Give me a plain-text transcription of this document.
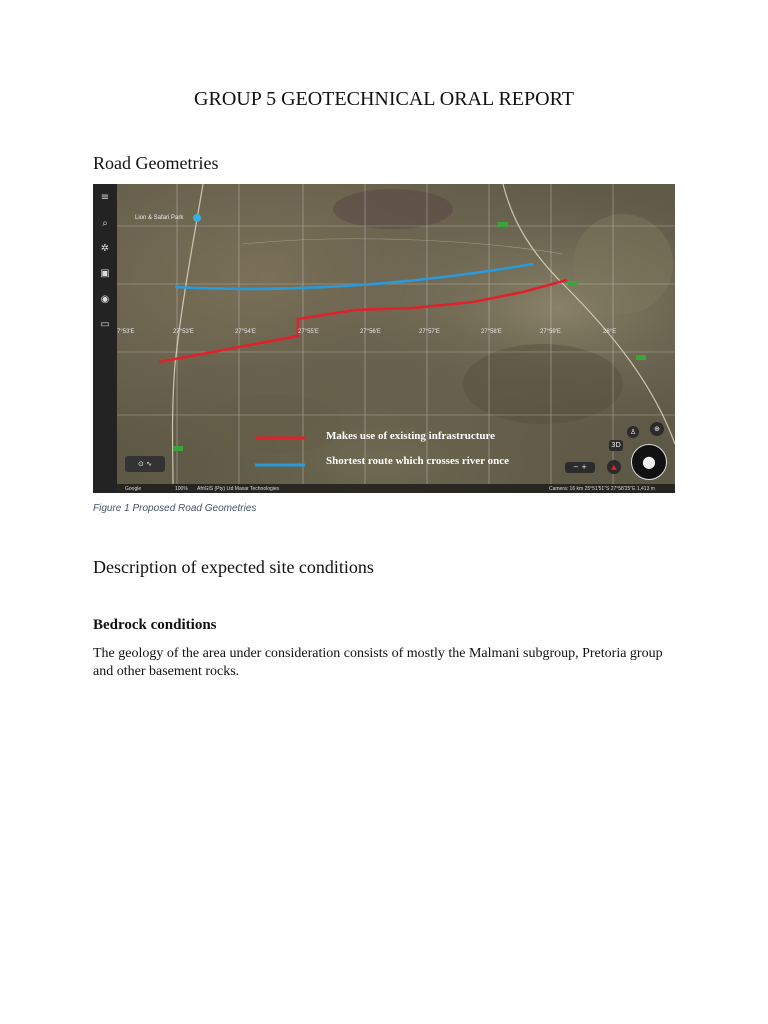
GROUP 5 GEOTECHNICAL ORAL REPORT
Road Geometries
≡
⌕
✲
▣
◉
▭
Lion & Safari Park
7°53'E	27°53'E	27°54'E	27°55'E	27°56'E	27°57'E	27°58'E	27°59'E	28°E
Makes use of existing infrastructure
Shortest route which crosses river once
⊕
♙
3D
▲	●
− +
⊙ ∿
Google	100% AfriGIS (Pty) Ltd Maxar Technologies	Camera: 16 km 25°51'51"S 27°58'25"E 1,413 m
Figure 1 Proposed Road Geometries
Description of expected site conditions
Bedrock conditions
The geology of the area under consideration consists of mostly the Malmani subgroup, Pretoria group and other basement rocks.
